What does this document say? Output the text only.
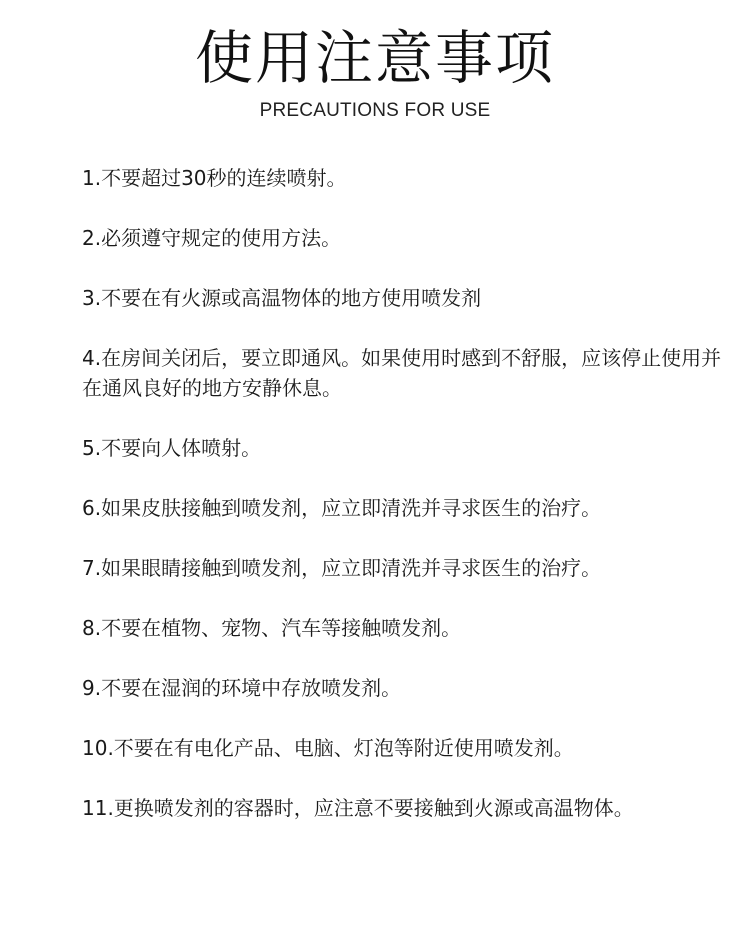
使用注意事项
PRECAUTIONS FOR USE
1.不要超过30秒的连续喷射。
2.必须遵守规定的使用方法。
3.不要在有火源或高温物体的地方使用喷发剂
4.在房间关闭后，要立即通风。如果使用时感到不舒服，应该停止使用并在通风良好的地方安静休息。
5.不要向人体喷射。
6.如果皮肤接触到喷发剂，应立即清洗并寻求医生的治疗。
7.如果眼睛接触到喷发剂，应立即清洗并寻求医生的治疗。
8.不要在植物、宠物、汽车等接触喷发剂。
9.不要在湿润的环境中存放喷发剂。
10.不要在有电化产品、电脑、灯泡等附近使用喷发剂。
11.更换喷发剂的容器时，应注意不要接触到火源或高温物体。
